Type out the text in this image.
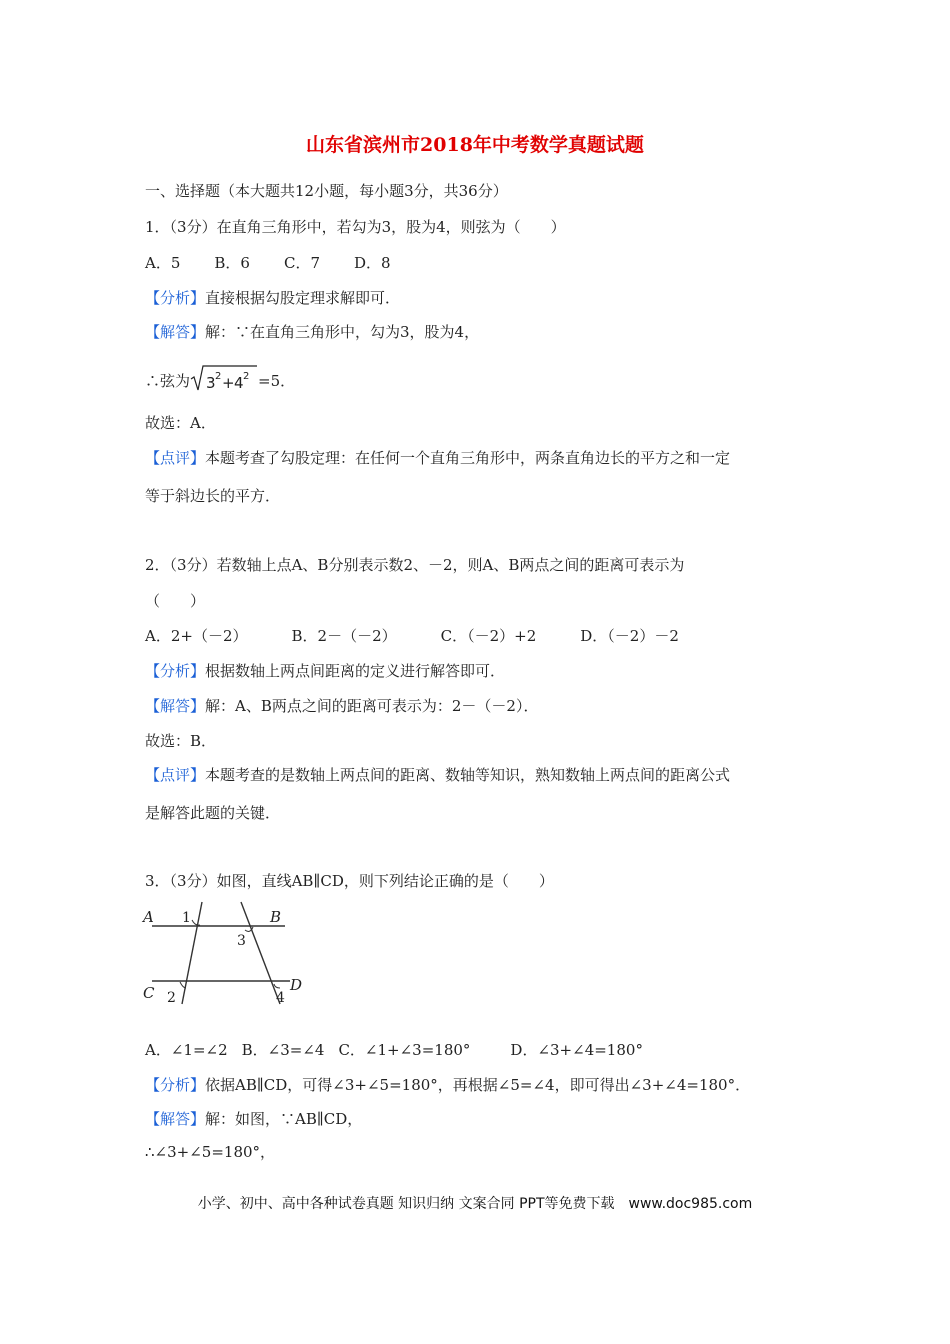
山东省滨州市2018年中考数学真题试题
一、选择题（本大题共12小题，每小题3分，共36分）
1．（3分）在直角三角形中，若勾为3，股为4，则弦为（　　）
A．5 B．6 C．7 D．8
【分析】直接根据勾股定理求解即可．
【解答】解：∵在直角三角形中，勾为3，股为4，
∴弦为 3 2 + 4 2 =5．
故选：A．
【点评】本题考查了勾股定理：在任何一个直角三角形中，两条直角边长的平方之和一定
等于斜边长的平方．
2．（3分）若数轴上点A、B分别表示数2、－2，则A、B两点之间的距离可表示为
（　　）
A．2+（－2）	B．2－（－2）	C．（－2）+2	D．（－2）－2
【分析】根据数轴上两点间距离的定义进行解答即可．
【解答】解：A、B两点之间的距离可表示为：2－（－2）．
故选：B．
【点评】本题考查的是数轴上两点间的距离、数轴等知识，熟知数轴上两点间的距离公式
是解答此题的关键．
3．（3分）如图，直线AB∥CD，则下列结论正确的是（　　）
A	B
C	D
1
3
2	4
A．∠1=∠2 B．∠3=∠4 C．∠1+∠3=180°	D．∠3+∠4=180°
【分析】依据AB∥CD，可得∠3+∠5=180°，再根据∠5=∠4，即可得出∠3+∠4=180°．
【解答】解：如图，∵AB∥CD，
∴∠3+∠5=180°，
小学、初中、高中各种试卷真题 知识归纳 文案合同 PPT等免费下载　www.doc985.com
